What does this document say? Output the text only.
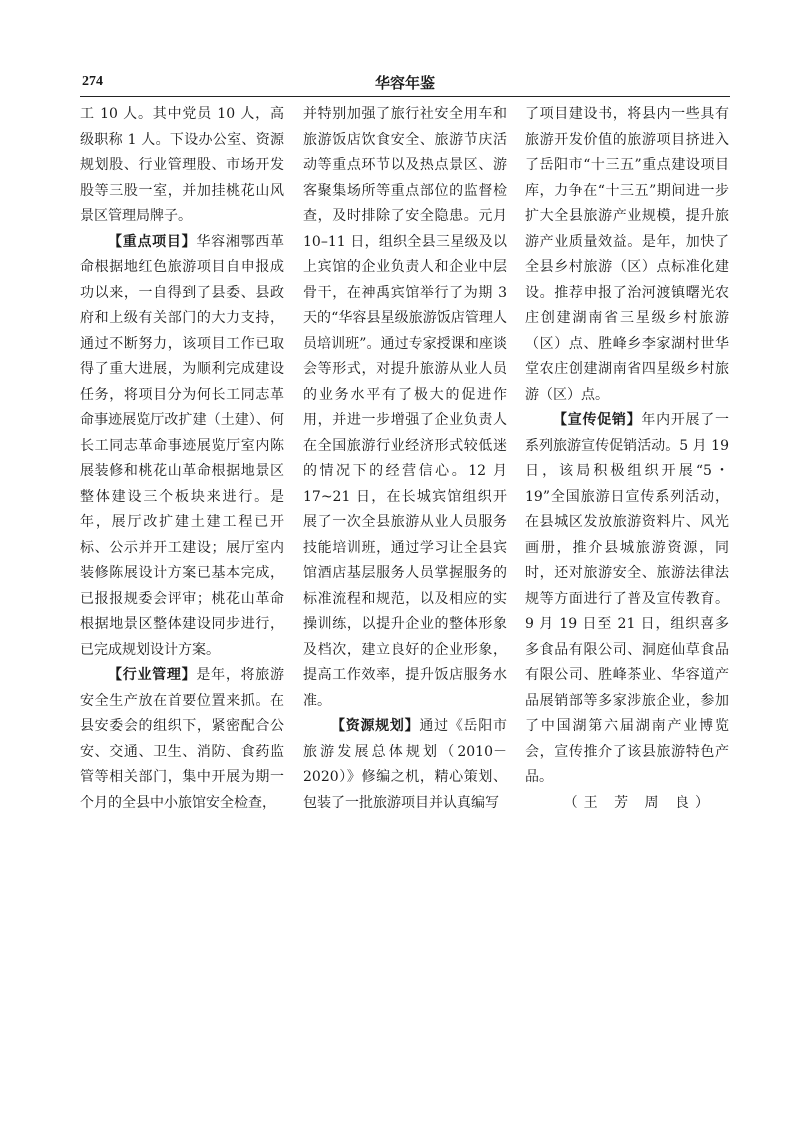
274	华容年鉴

工 10 人。其中党员 10 人，高级职称 1 人。下设办公室、资源规划股、行业管理股、市场开发股等三股一室，并加挂桃花山风景区管理局牌子。

【重点项目】华容湘鄂西革命根据地红色旅游项目自申报成功以来，一自得到了县委、县政府和上级有关部门的大力支持，通过不断努力，该项目工作已取得了重大进展，为顺利完成建设任务，将项目分为何长工同志革命事迹展览厅改扩建（土建）、何长工同志革命事迹展览厅室内陈展装修和桃花山革命根据地景区整体建设三个板块来进行。是年，展厅改扩建土建工程已开标、公示并开工建设；展厅室内装修陈展设计方案已基本完成，已报报规委会评审；桃花山革命根据地景区整体建设同步进行，已完成规划设计方案。

【行业管理】是年，将旅游安全生产放在首要位置来抓。在县安委会的组织下，紧密配合公安、交通、卫生、消防、食药监管等相关部门，集中开展为期一个月的全县中小旅馆安全检查，

并特别加强了旅行社安全用车和旅游饭店饮食安全、旅游节庆活动等重点环节以及热点景区、游客聚集场所等重点部位的监督检查，及时排除了安全隐患。元月 10–11 日，组织全县三星级及以上宾馆的企业负责人和企业中层骨干，在神禹宾馆举行了为期 3 天的“华容县星级旅游饭店管理人员培训班”。通过专家授课和座谈会等形式，对提升旅游从业人员的业务水平有了极大的促进作用，并进一步增强了企业负责人在全国旅游行业经济形式较低迷的情况下的经营信心。12 月 17~21 日，在长城宾馆组织开展了一次全县旅游从业人员服务技能培训班，通过学习让全县宾馆酒店基层服务人员掌握服务的标准流程和规范，以及相应的实操训练，以提升企业的整体形象及档次，建立良好的企业形象，提高工作效率，提升饭店服务水准。

【资源规划】通过《岳阳市旅游发展总体规划（2010－2020）》修编之机，精心策划、包装了一批旅游项目并认真编写

了项目建设书，将县内一些具有旅游开发价值的旅游项目挤进入了岳阳市“十三五”重点建设项目库，力争在“十三五”期间进一步扩大全县旅游产业规模，提升旅游产业质量效益。是年，加快了全县乡村旅游（区）点标准化建设。推荐申报了治河渡镇曙光农庄创建湖南省三星级乡村旅游（区）点、胜峰乡李家湖村世华堂农庄创建湖南省四星级乡村旅游（区）点。

【宣传促销】年内开展了一系列旅游宣传促销活动。5 月 19 日，该局积极组织开展“5・19”全国旅游日宣传系列活动，在县城区发放旅游资料片、风光画册，推介县城旅游资源，同时，还对旅游安全、旅游法律法规等方面进行了普及宣传教育。9 月 19 日至 21 日，组织喜多多食品有限公司、洞庭仙草食品有限公司、胜峰茶业、华容道产品展销部等多家涉旅企业，参加了中国湖第六届湖南产业博览会，宣传推介了该县旅游特色产品。

（王 芳 周 良）
